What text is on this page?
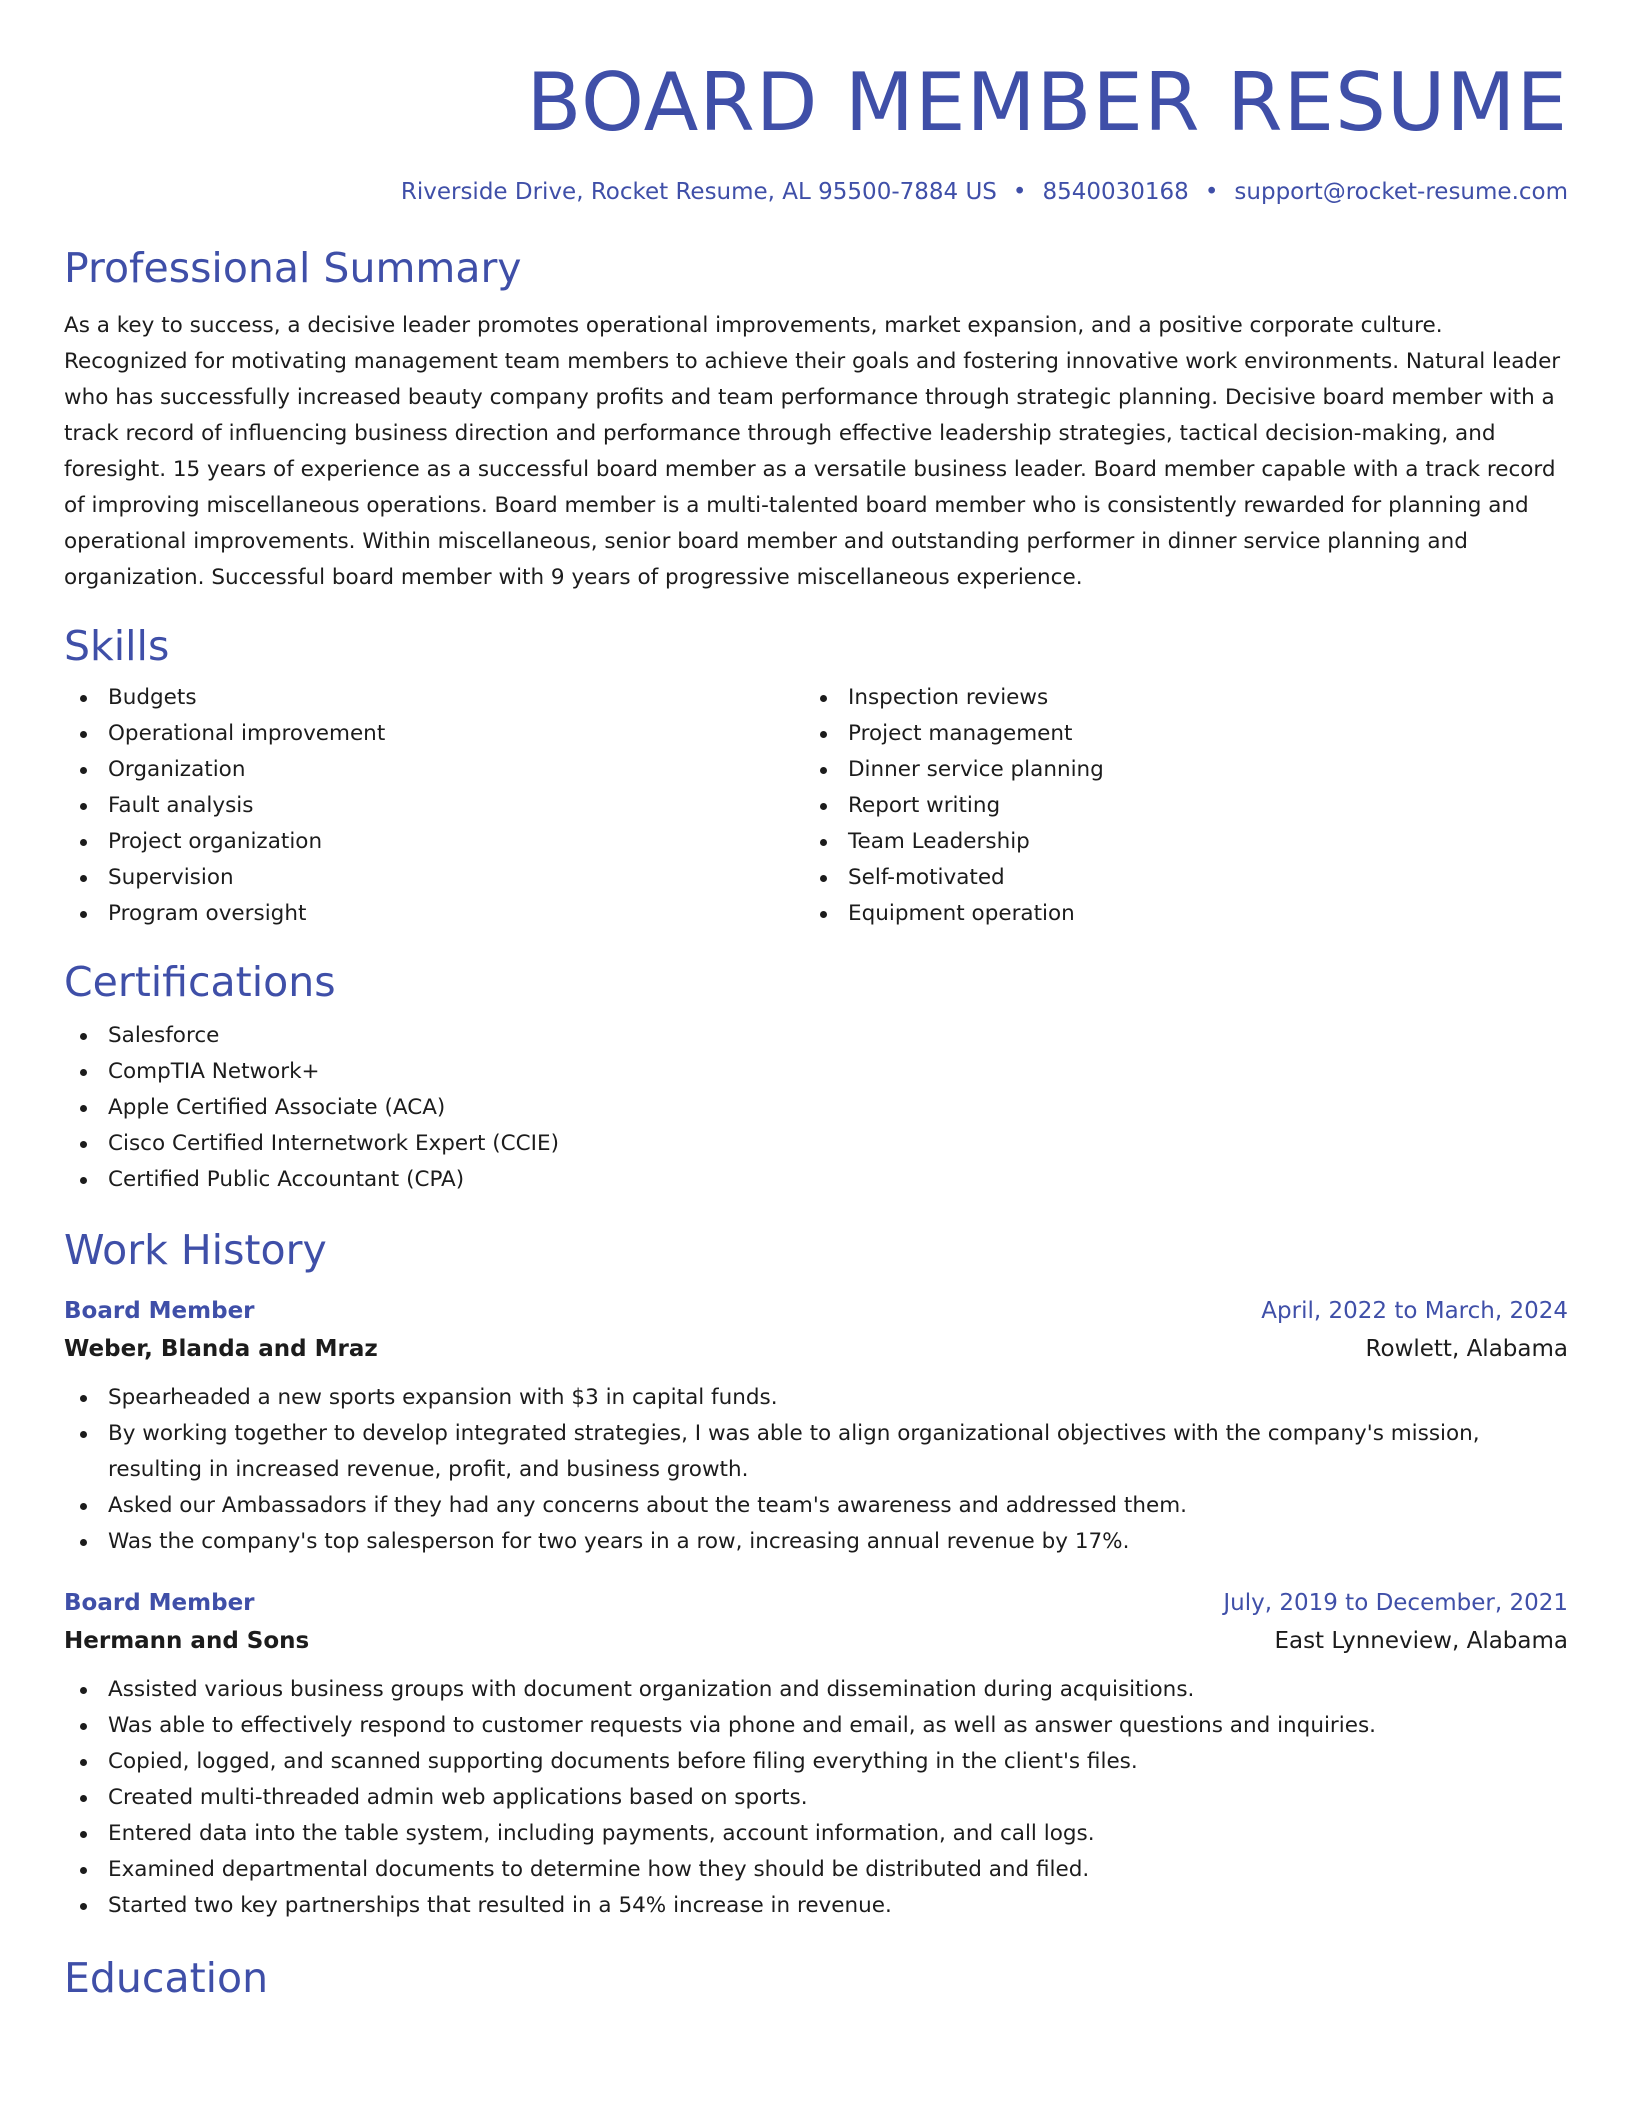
BOARD MEMBER RESUME
Riverside Drive, Rocket Resume, AL 95500-7884 US • 8540030168 • support@rocket-resume.com
Professional Summary

As a key to success, a decisive leader promotes operational improvements, market expansion, and a positive corporate culture. Recognized for motivating management team members to achieve their goals and fostering innovative work environments. Natural leader who has successfully increased beauty company profits and team performance through strategic planning. Decisive board member with a track record of influencing business direction and performance through effective leadership strategies, tactical decision-making, and foresight. 15 years of experience as a successful board member as a versatile business leader. Board member capable with a track record of improving miscellaneous operations. Board member is a multi-talented board member who is consistently rewarded for planning and operational improvements. Within miscellaneous, senior board member and outstanding performer in dinner service planning and organization. Successful board member with 9 years of progressive miscellaneous experience.

Skills
Budgets
Operational improvement
Organization
Fault analysis
Project organization
Supervision
Program oversight
Inspection reviews
Project management
Dinner service planning
Report writing
Team Leadership
Self-motivated
Equipment operation
Certifications
Salesforce
CompTIA Network+
Apple Certified Associate (ACA)
Cisco Certified Internetwork Expert (CCIE)
Certified Public Accountant (CPA)
Work History
Board Member	April, 2022 to March, 2024
Weber, Blanda and Mraz	Rowlett, Alabama
Spearheaded a new sports expansion with $3 in capital funds.
By working together to develop integrated strategies, I was able to align organizational objectives with the company's mission, resulting in increased revenue, profit, and business growth.
Asked our Ambassadors if they had any concerns about the team's awareness and addressed them.
Was the company's top salesperson for two years in a row, increasing annual revenue by 17%.
Board Member	July, 2019 to December, 2021
Hermann and Sons	East Lynneview, Alabama
Assisted various business groups with document organization and dissemination during acquisitions.
Was able to effectively respond to customer requests via phone and email, as well as answer questions and inquiries.
Copied, logged, and scanned supporting documents before filing everything in the client's files.
Created multi-threaded admin web applications based on sports.
Entered data into the table system, including payments, account information, and call logs.
Examined departmental documents to determine how they should be distributed and filed.
Started two key partnerships that resulted in a 54% increase in revenue.
Education
